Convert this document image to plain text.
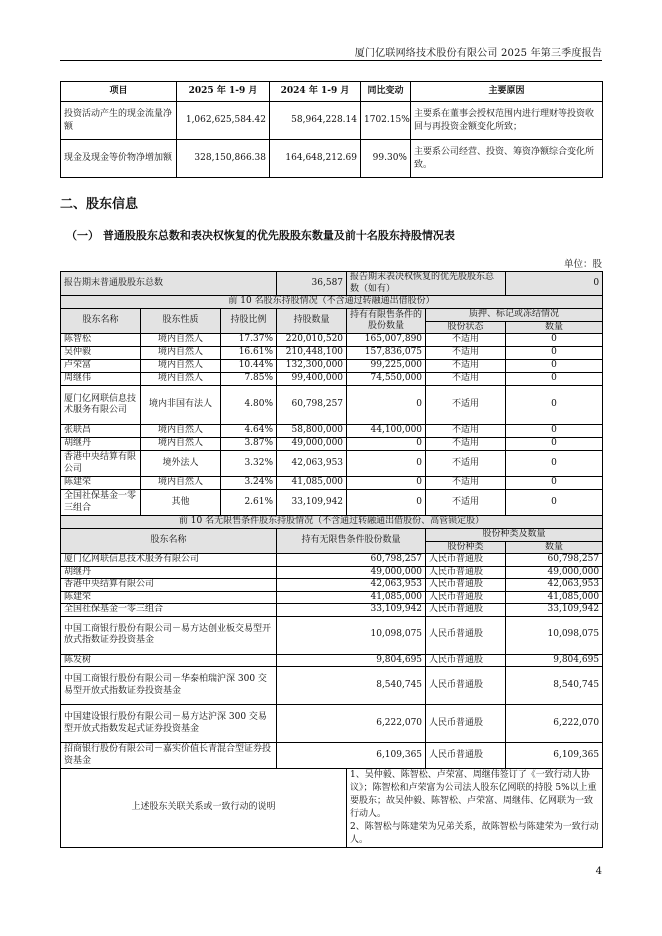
厦门亿联网络技术股份有限公司 2025 年第三季度报告
项目	2025 年 1-9 月	2024 年 1-9 月	同比变动	主要原因
投资活动产生的现金流量净额	1,062,625,584.42	58,964,228.14	1702.15%	主要系在董事会授权范围内进行理财等投资收回与再投资金额变化所致；
现金及现金等价物净增加额	328,150,866.38	164,648,212.69	99.30%	主要系公司经营、投资、筹资净额综合变化所致。
二、股东信息
（一） 普通股股东总数和表决权恢复的优先股股东数量及前十名股东持股情况表
单位：股
报告期末普通股股东总数			36,587	报告期末表决权恢复的优先股股东总数（如有）		0
前 10 名股东持股情况（不含通过转融通出借股份）						
股东名称	股东性质	持股比例	持股数量	持有有限售条件的股份数量	质押、标记或冻结情况	
					股份状态	数量
陈智松	境内自然人	17.37%	220,010,520	165,007,890	不适用	0
吴仲毅	境内自然人	16.61%	210,448,100	157,836,075	不适用	0
卢荣富	境内自然人	10.44%	132,300,000	99,225,000	不适用	0
周继伟	境内自然人	7.85%	99,400,000	74,550,000	不适用	0
厦门亿网联信息技术服务有限公司	境内非国有法人	4.80%	60,798,257	0	不适用	0
张联昌	境内自然人	4.64%	58,800,000	44,100,000	不适用	0
胡继丹	境内自然人	3.87%	49,000,000	0	不适用	0
香港中央结算有限公司	境外法人	3.32%	42,063,953	0	不适用	0
陈建荣	境内自然人	3.24%	41,085,000	0	不适用	0
全国社保基金一零三组合	其他	2.61%	33,109,942	0	不适用	0
前 10 名无限售条件股东持股情况（不含通过转融通出借股份、高管锁定股）						
股东名称			持有无限售条件股份数量		股份种类及数量	
					股份种类	数量
厦门亿网联信息技术服务有限公司			60,798,257		人民币普通股	60,798,257
胡继丹			49,000,000		人民币普通股	49,000,000
香港中央结算有限公司			42,063,953		人民币普通股	42,063,953
陈建荣			41,085,000		人民币普通股	41,085,000
全国社保基金一零三组合			33,109,942		人民币普通股	33,109,942
中国工商银行股份有限公司－易方达创业板交易型开放式指数证券投资基金			10,098,075		人民币普通股	10,098,075
陈发树			9,804,695		人民币普通股	9,804,695
中国工商银行股份有限公司－华泰柏瑞沪深 300 交易型开放式指数证券投资基金			8,540,745		人民币普通股	8,540,745
中国建设银行股份有限公司－易方达沪深 300 交易型开放式指数发起式证券投资基金			6,222,070		人民币普通股	6,222,070
招商银行股份有限公司－嘉实价值长青混合型证券投资基金			6,109,365		人民币普通股	6,109,365
上述股东关联关系或一致行动的说明				1、吴仲毅、陈智松、卢荣富、周继伟签订了《一致行动人协议》；陈智松和卢荣富为公司法人股东亿网联的持股 5%以上重要股东；故吴仲毅、陈智松、卢荣富、周继伟、亿网联为一致行动人。
2、陈智松与陈建荣为兄弟关系，故陈智松与陈建荣为一致行动人。		
4
